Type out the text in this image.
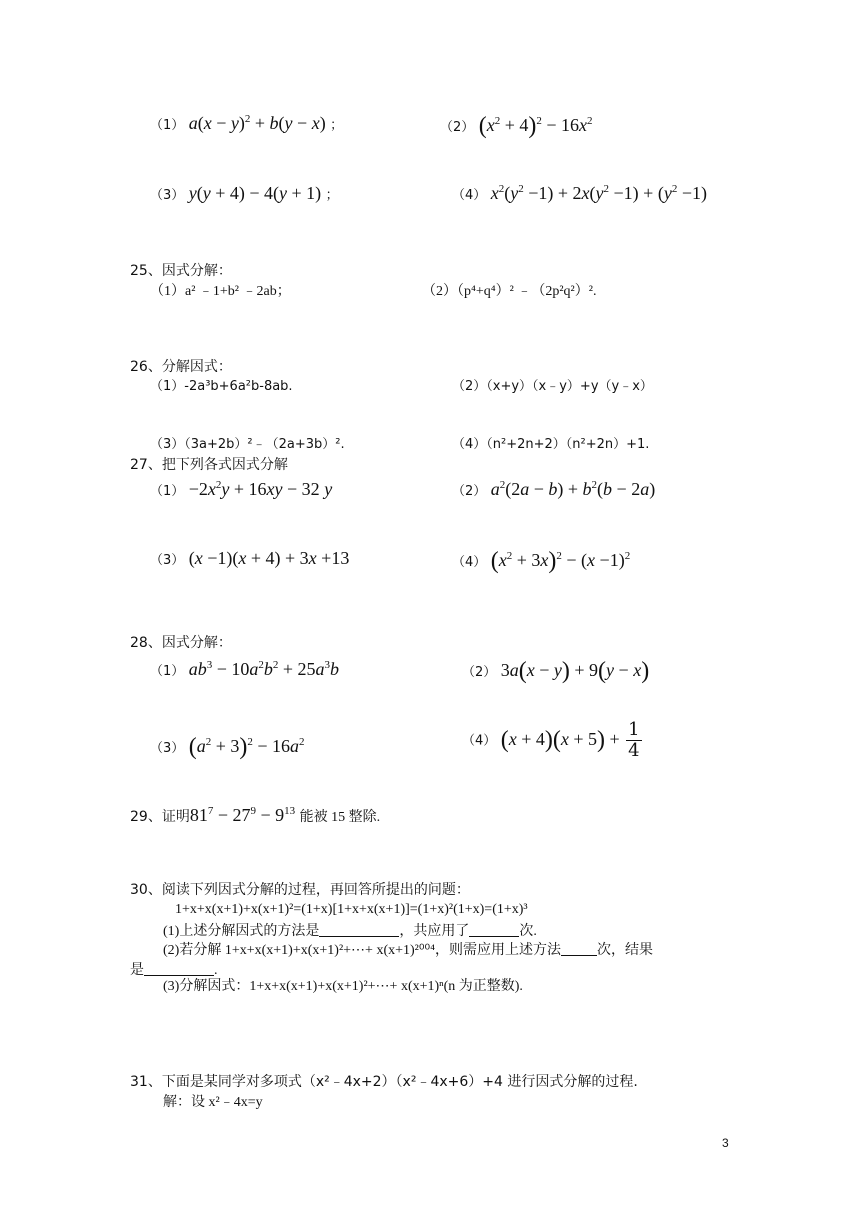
（1） $a(x - y)^2 + b(y - x)$ ；	（2） $(x^2 + 4)^2 - 16x^2$
（3） y(y + 4) − 4(y + 1) ；	（4） $x^2(y^2 -1) + 2x(y^2 -1) + (y^2 -1)$
25、因式分解：
（1）a² ﹣1+b² ﹣2ab；	（2）（p⁴+q⁴）² ﹣（2p²q²）².
26、分解因式：
（1）-2a³b+6a²b-8ab.	（2）（x+y）（x﹣y）+y（y﹣x）
（3）（3a+2b）²﹣（2a+3b）².	（4）（n²+2n+2）（n²+2n）+1.
27、把下列各式因式分解
$(1) -2x^2y + 16xy - 32$ y	（2） $a^2(2a - b) + b^2(b - 2a)$
（3） (x −1)(x + 4) + 3x +13	（4） $(x^2 + 3x)^2 - (x -1)^2$
28、因式分解：
（1） $ab^3 - 10a^2b^2 + 25a^3b$	（2） 3a(x − y) + 9(y − x)
（3） $(a^2 + 3)^2 - 16a^2$	（4） $(x + 4)(x + 5) + \frac{1}{4}$
29、证明$81^7 - 27^9 - 9^{13}$ 能被 15 整除.
30、阅读下列因式分解的过程，再回答所提出的问题：
1+x+x(x+1)+x(x+1)²=(1+x)[1+x+x(x+1)]=(1+x)²(1+x)=(1+x)³
(1)上述分解因式的方法是	，共应用了	次.
(2)若分解 1+x+x(x+1)+x(x+1)²+⋯+ x(x+1)²⁰⁰⁴，则需应用上述方法	次，结果
是	.
(3)分解因式：1+x+x(x+1)+x(x+1)²+⋯+ x(x+1)ⁿ(n 为正整数).
31、下面是某同学对多项式（x²﹣4x+2）（x²﹣4x+6）+4 进行因式分解的过程.
解：设 x²﹣4x=y
3
